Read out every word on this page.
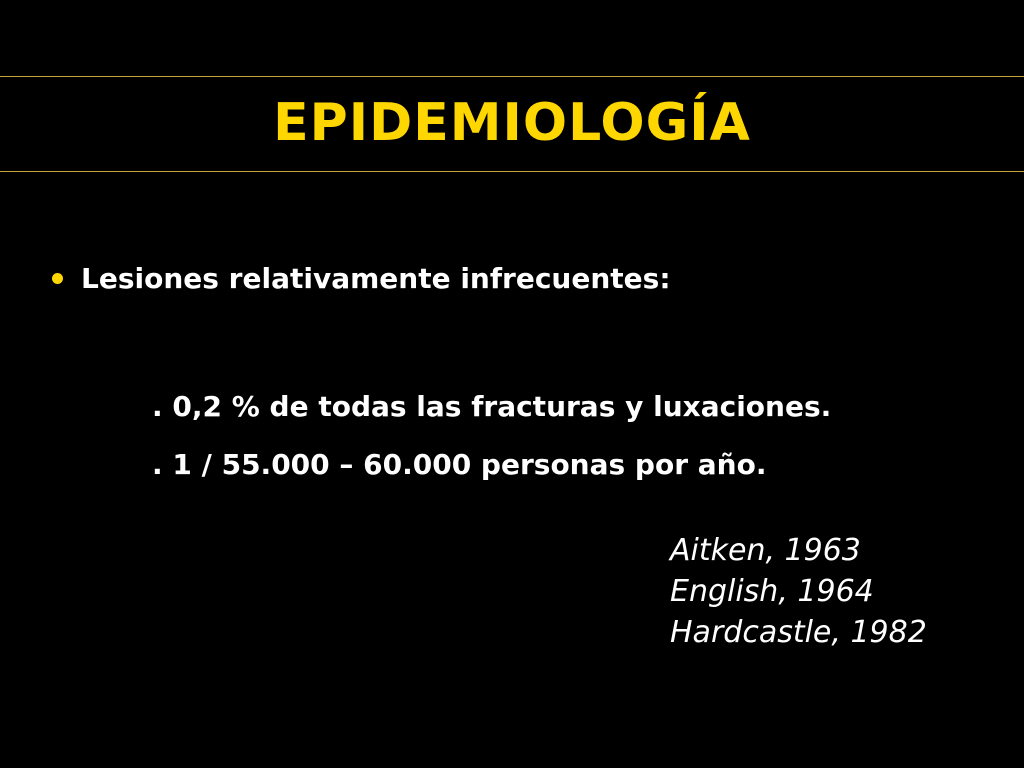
EPIDEMIOLOGÍA
Lesiones relativamente infrecuentes:
. 0,2 % de todas las fracturas y luxaciones.
. 1 / 55.000 – 60.000 personas por año.
Aitken, 1963
English, 1964
Hardcastle, 1982
